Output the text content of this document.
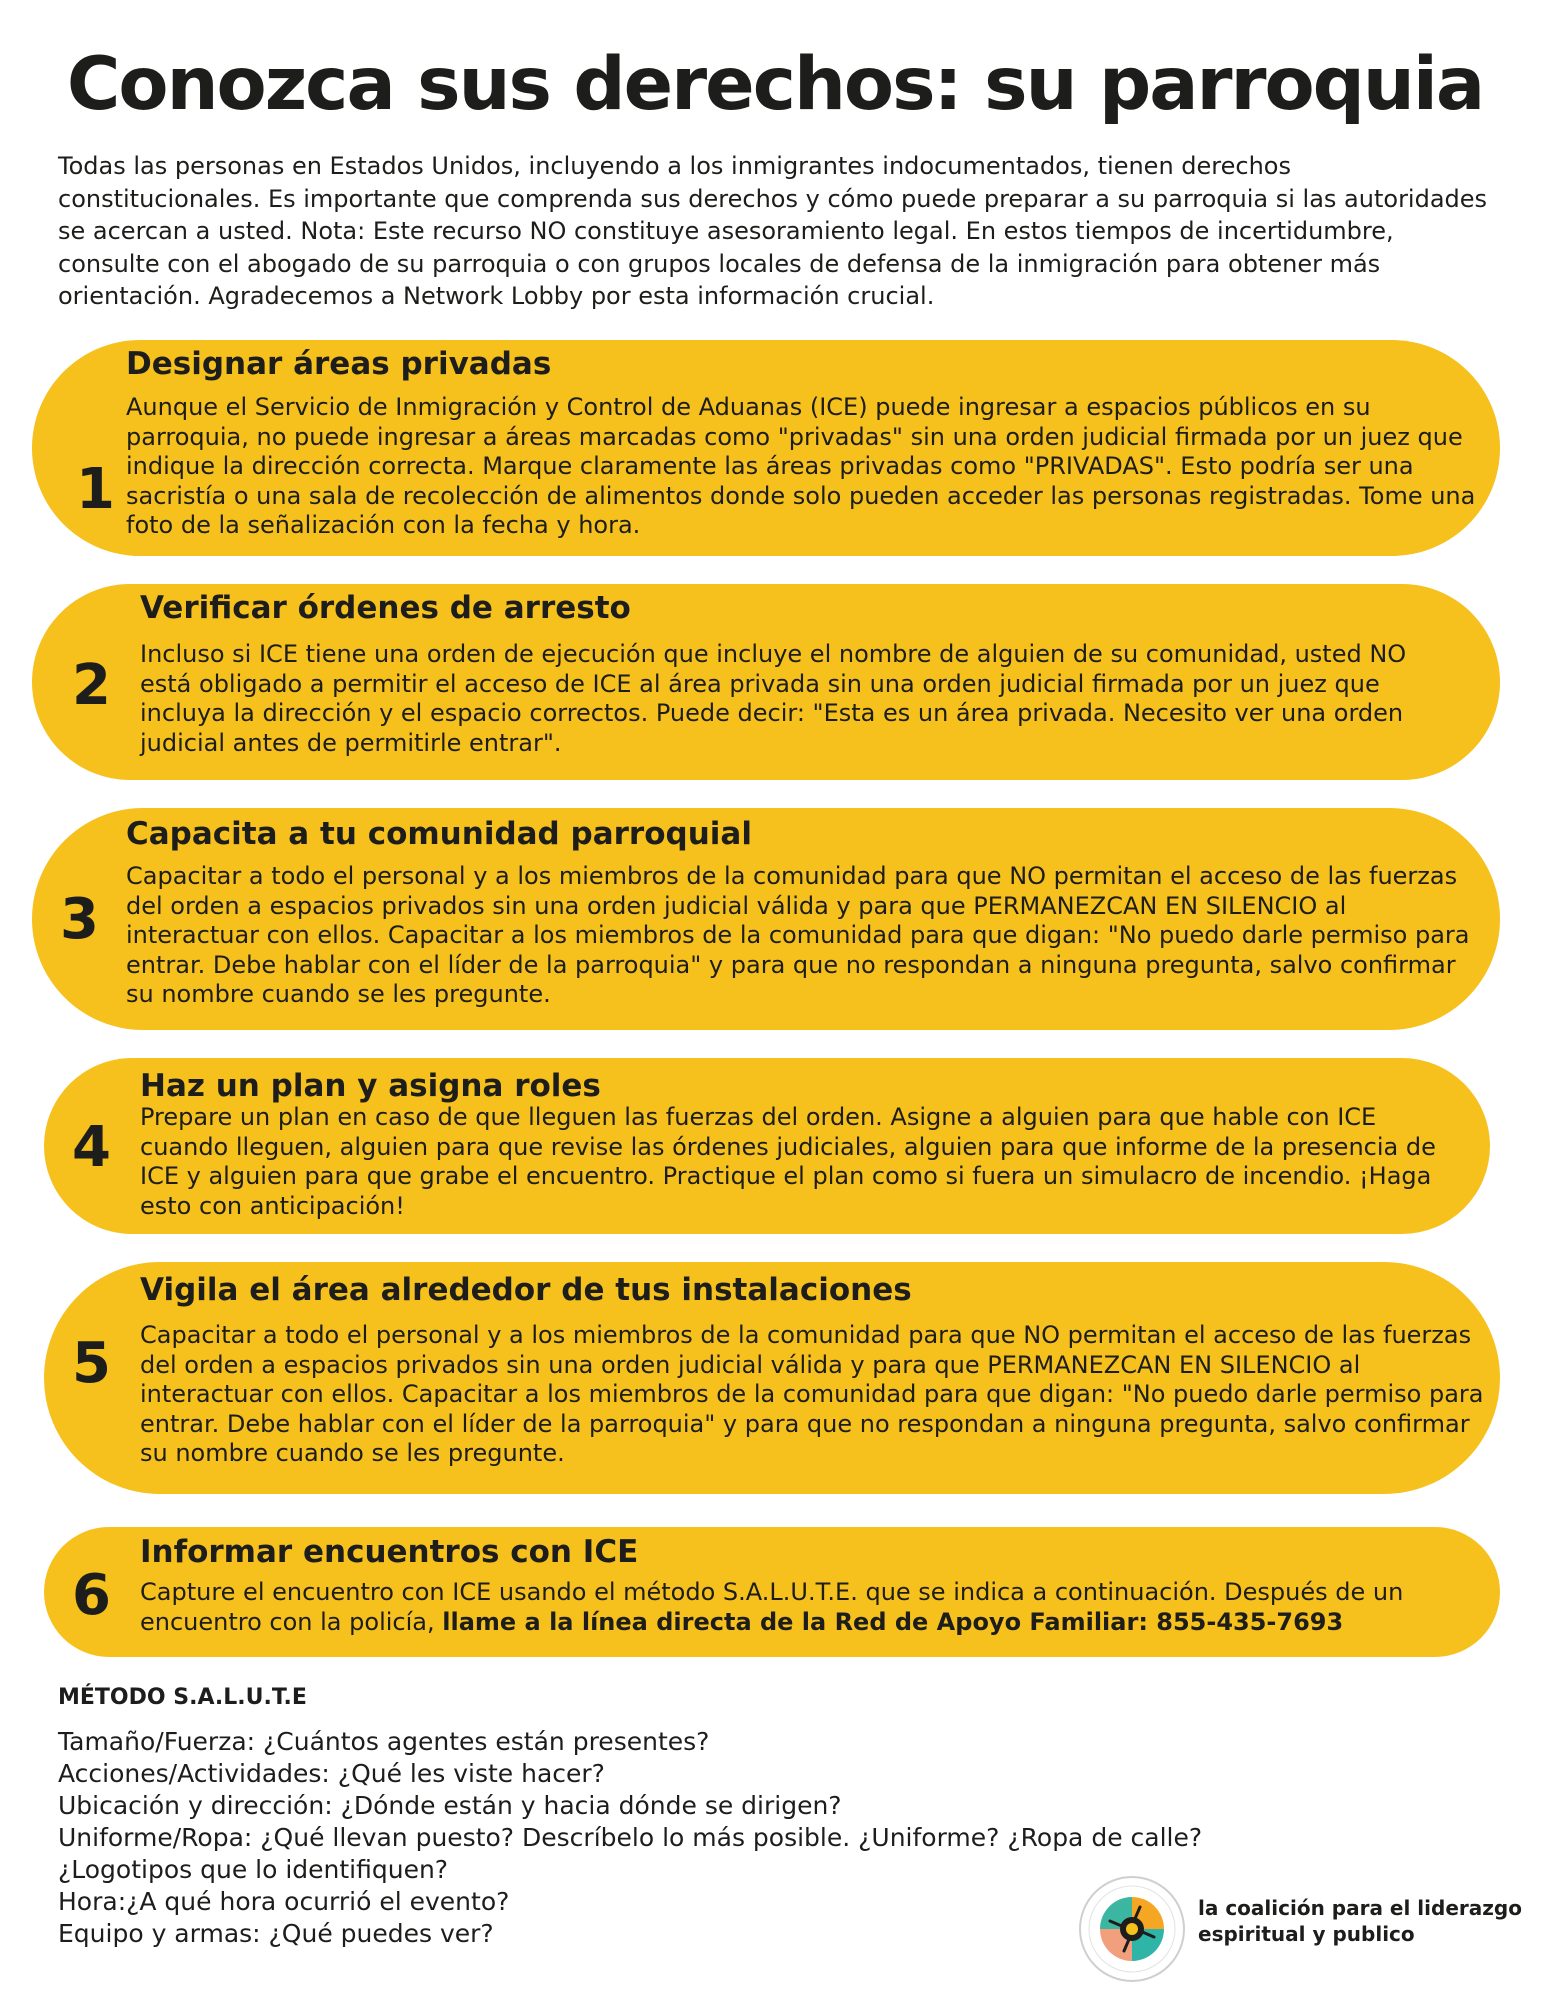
Conozca sus derechos: su parroquia
Todas las personas en Estados Unidos, incluyendo a los inmigrantes indocumentados, tienen derechos constitucionales. Es importante que comprenda sus derechos y cómo puede preparar a su parroquia si las autoridades se acercan a usted. Nota: Este recurso NO constituye asesoramiento legal. En estos tiempos de incertidumbre, consulte con el abogado de su parroquia o con grupos locales de defensa de la inmigración para obtener más orientación. Agradecemos a Network Lobby por esta información crucial.
1
Designar áreas privadas
Aunque el Servicio de Inmigración y Control de Aduanas (ICE) puede ingresar a espacios públicos en su parroquia, no puede ingresar a áreas marcadas como "privadas" sin una orden judicial firmada por un juez que indique la dirección correcta. Marque claramente las áreas privadas como "PRIVADAS". Esto podría ser una sacristía o una sala de recolección de alimentos donde solo pueden acceder las personas registradas. Tome una foto de la señalización con la fecha y hora.
2
Verificar órdenes de arresto
Incluso si ICE tiene una orden de ejecución que incluye el nombre de alguien de su comunidad, usted NO está obligado a permitir el acceso de ICE al área privada sin una orden judicial firmada por un juez que incluya la dirección y el espacio correctos. Puede decir: "Esta es un área privada. Necesito ver una orden judicial antes de permitirle entrar".
3
Capacita a tu comunidad parroquial
Capacitar a todo el personal y a los miembros de la comunidad para que NO permitan el acceso de las fuerzas del orden a espacios privados sin una orden judicial válida y para que PERMANEZCAN EN SILENCIO al interactuar con ellos. Capacitar a los miembros de la comunidad para que digan: "No puedo darle permiso para entrar. Debe hablar con el líder de la parroquia" y para que no respondan a ninguna pregunta, salvo confirmar su nombre cuando se les pregunte.
4
Haz un plan y asigna roles
Prepare un plan en caso de que lleguen las fuerzas del orden. Asigne a alguien para que hable con ICE cuando lleguen, alguien para que revise las órdenes judiciales, alguien para que informe de la presencia de ICE y alguien para que grabe el encuentro. Practique el plan como si fuera un simulacro de incendio. ¡Haga esto con anticipación!
5
Vigila el área alrededor de tus instalaciones
Capacitar a todo el personal y a los miembros de la comunidad para que NO permitan el acceso de las fuerzas del orden a espacios privados sin una orden judicial válida y para que PERMANEZCAN EN SILENCIO al interactuar con ellos. Capacitar a los miembros de la comunidad para que digan: "No puedo darle permiso para entrar. Debe hablar con el líder de la parroquia" y para que no respondan a ninguna pregunta, salvo confirmar su nombre cuando se les pregunte.
6
Informar encuentros con ICE
Capture el encuentro con ICE usando el método S.A.L.U.T.E. que se indica a continuación. Después de un encuentro con la policía, llame a la línea directa de la Red de Apoyo Familiar: 855-435-7693
MÉTODO S.A.L.U.T.E
Tamaño/Fuerza: ¿Cuántos agentes están presentes?
Acciones/Actividades: ¿Qué les viste hacer?
Ubicación y dirección: ¿Dónde están y hacia dónde se dirigen?
Uniforme/Ropa: ¿Qué llevan puesto? Descríbelo lo más posible. ¿Uniforme? ¿Ropa de calle? ¿Logotipos que lo identifiquen?
Hora:¿A qué hora ocurrió el evento?
Equipo y armas: ¿Qué puedes ver?
la coalición para el liderazgo
espiritual y publico
